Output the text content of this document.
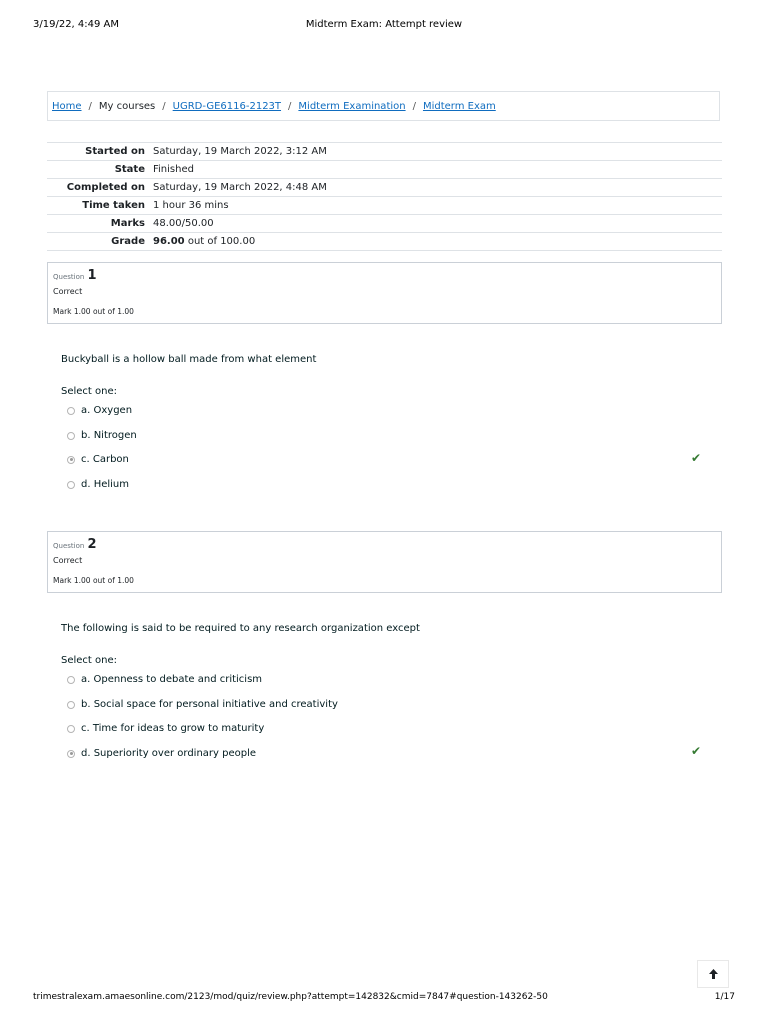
3/19/22, 4:49 AM	Midterm Exam: Attempt review
Home / My courses / UGRD-GE6116-2123T / Midterm Examination / Midterm Exam
Started on	Saturday, 19 March 2022, 3:12 AM
State	Finished
Completed on	Saturday, 19 March 2022, 4:48 AM
Time taken	1 hour 36 mins
Marks	48.00/50.00
Grade	96.00 out of 100.00
Question 1
Correct
Mark 1.00 out of 1.00
Buckyball is a hollow ball made from what element
Select one:
a. Oxygen
b. Nitrogen
c. Carbon
d. Helium
✔
Question 2
Correct
Mark 1.00 out of 1.00
The following is said to be required to any research organization except
Select one:
a. Openness to debate and criticism
b. Social space for personal initiative and creativity
c. Time for ideas to grow to maturity
d. Superiority over ordinary people	✔
trimestralexam.amaesonline.com/2123/mod/quiz/review.php?attempt=142832&cmid=7847#question-143262-50	1/17
